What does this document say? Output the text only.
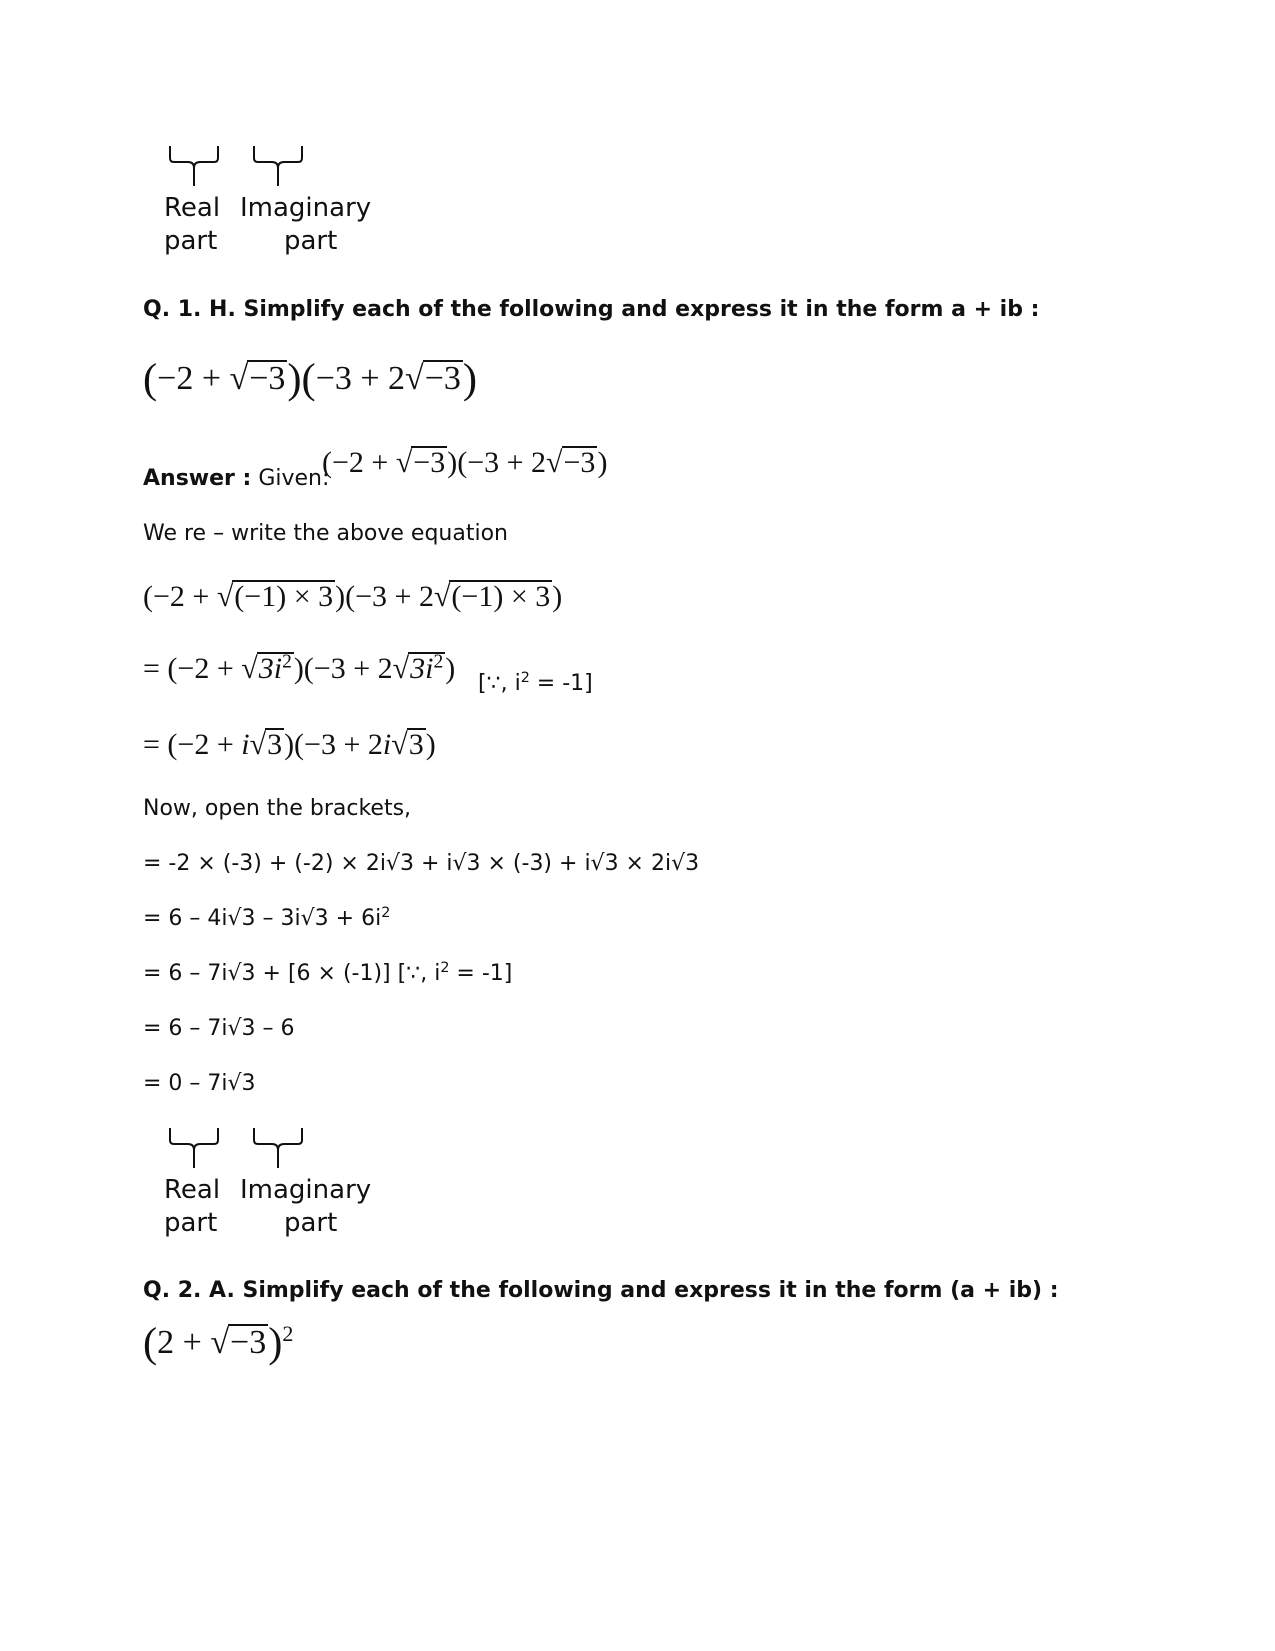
Real
part
Imaginary
part
Q. 1. H. Simplify each of the following and express it in the form a + ib :
(−2 + √−3)(−3 + 2√−3)
Answer : Given:
(−2 + √−3)(−3 + 2√−3)
We re – write the above equation
(−2 + √(−1) × 3)(−3 + 2√(−1) × 3)
= $(-2 + √3i^2)(-3 + 2√3i^2)$ [∵, $i^2 = -1$]
= (−2 + i√3)(−3 + 2i√3)
Now, open the brackets,
= -2 × (-3) + (-2) × 2i√3 + i√3 × (-3) + i√3 × 2i√3
= $6 - 4i√3 - 3i√3 + 6i^2$
= 6 – 7i√3 + [6 × (-1)] [∵, $i^2 = -1$]
= 6 – 7i√3 – 6
= 0 – 7i√3
Real
part
Imaginary
part
Q. 2. A. Simplify each of the following and express it in the form (a + ib) :
$(2 + √-3)^2$
